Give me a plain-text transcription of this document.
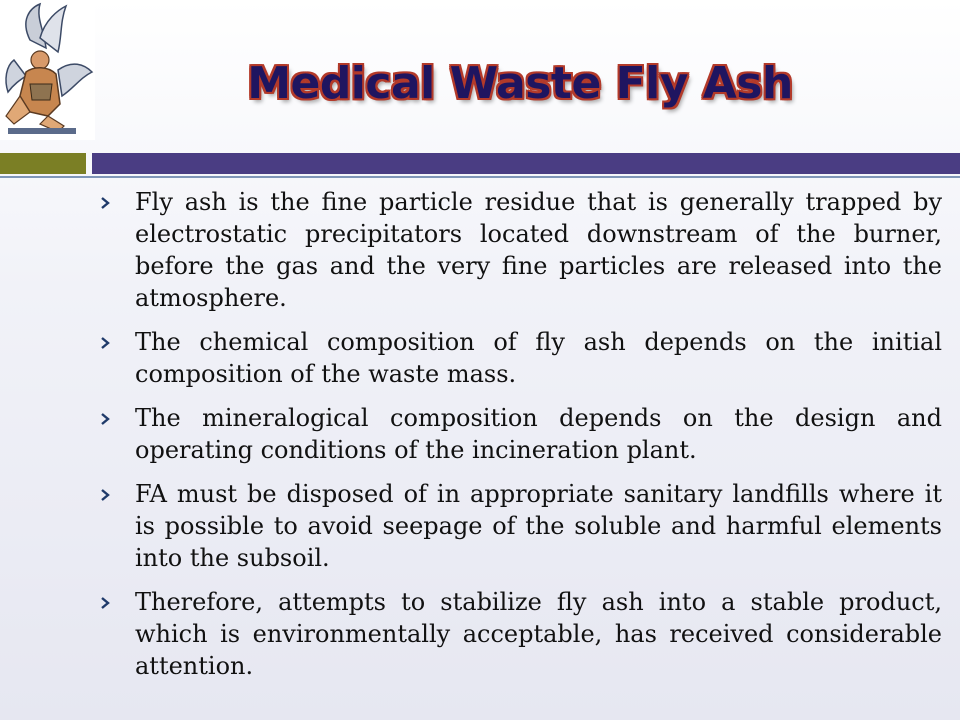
Medical Waste Fly Ash
Fly ash is the fine particle residue that is generally trapped by electrostatic precipitators located downstream of the burner, before the gas and the very fine particles are released into the atmosphere.
The chemical composition of fly ash depends on the initial composition of the waste mass.
The mineralogical composition depends on the design and operating conditions of the incineration plant.
FA must be disposed of in appropriate sanitary landfills where it is possible to avoid seepage of the soluble and harmful elements into the subsoil.
Therefore, attempts to stabilize fly ash into a stable product, which is environmentally acceptable, has received considerable attention.
